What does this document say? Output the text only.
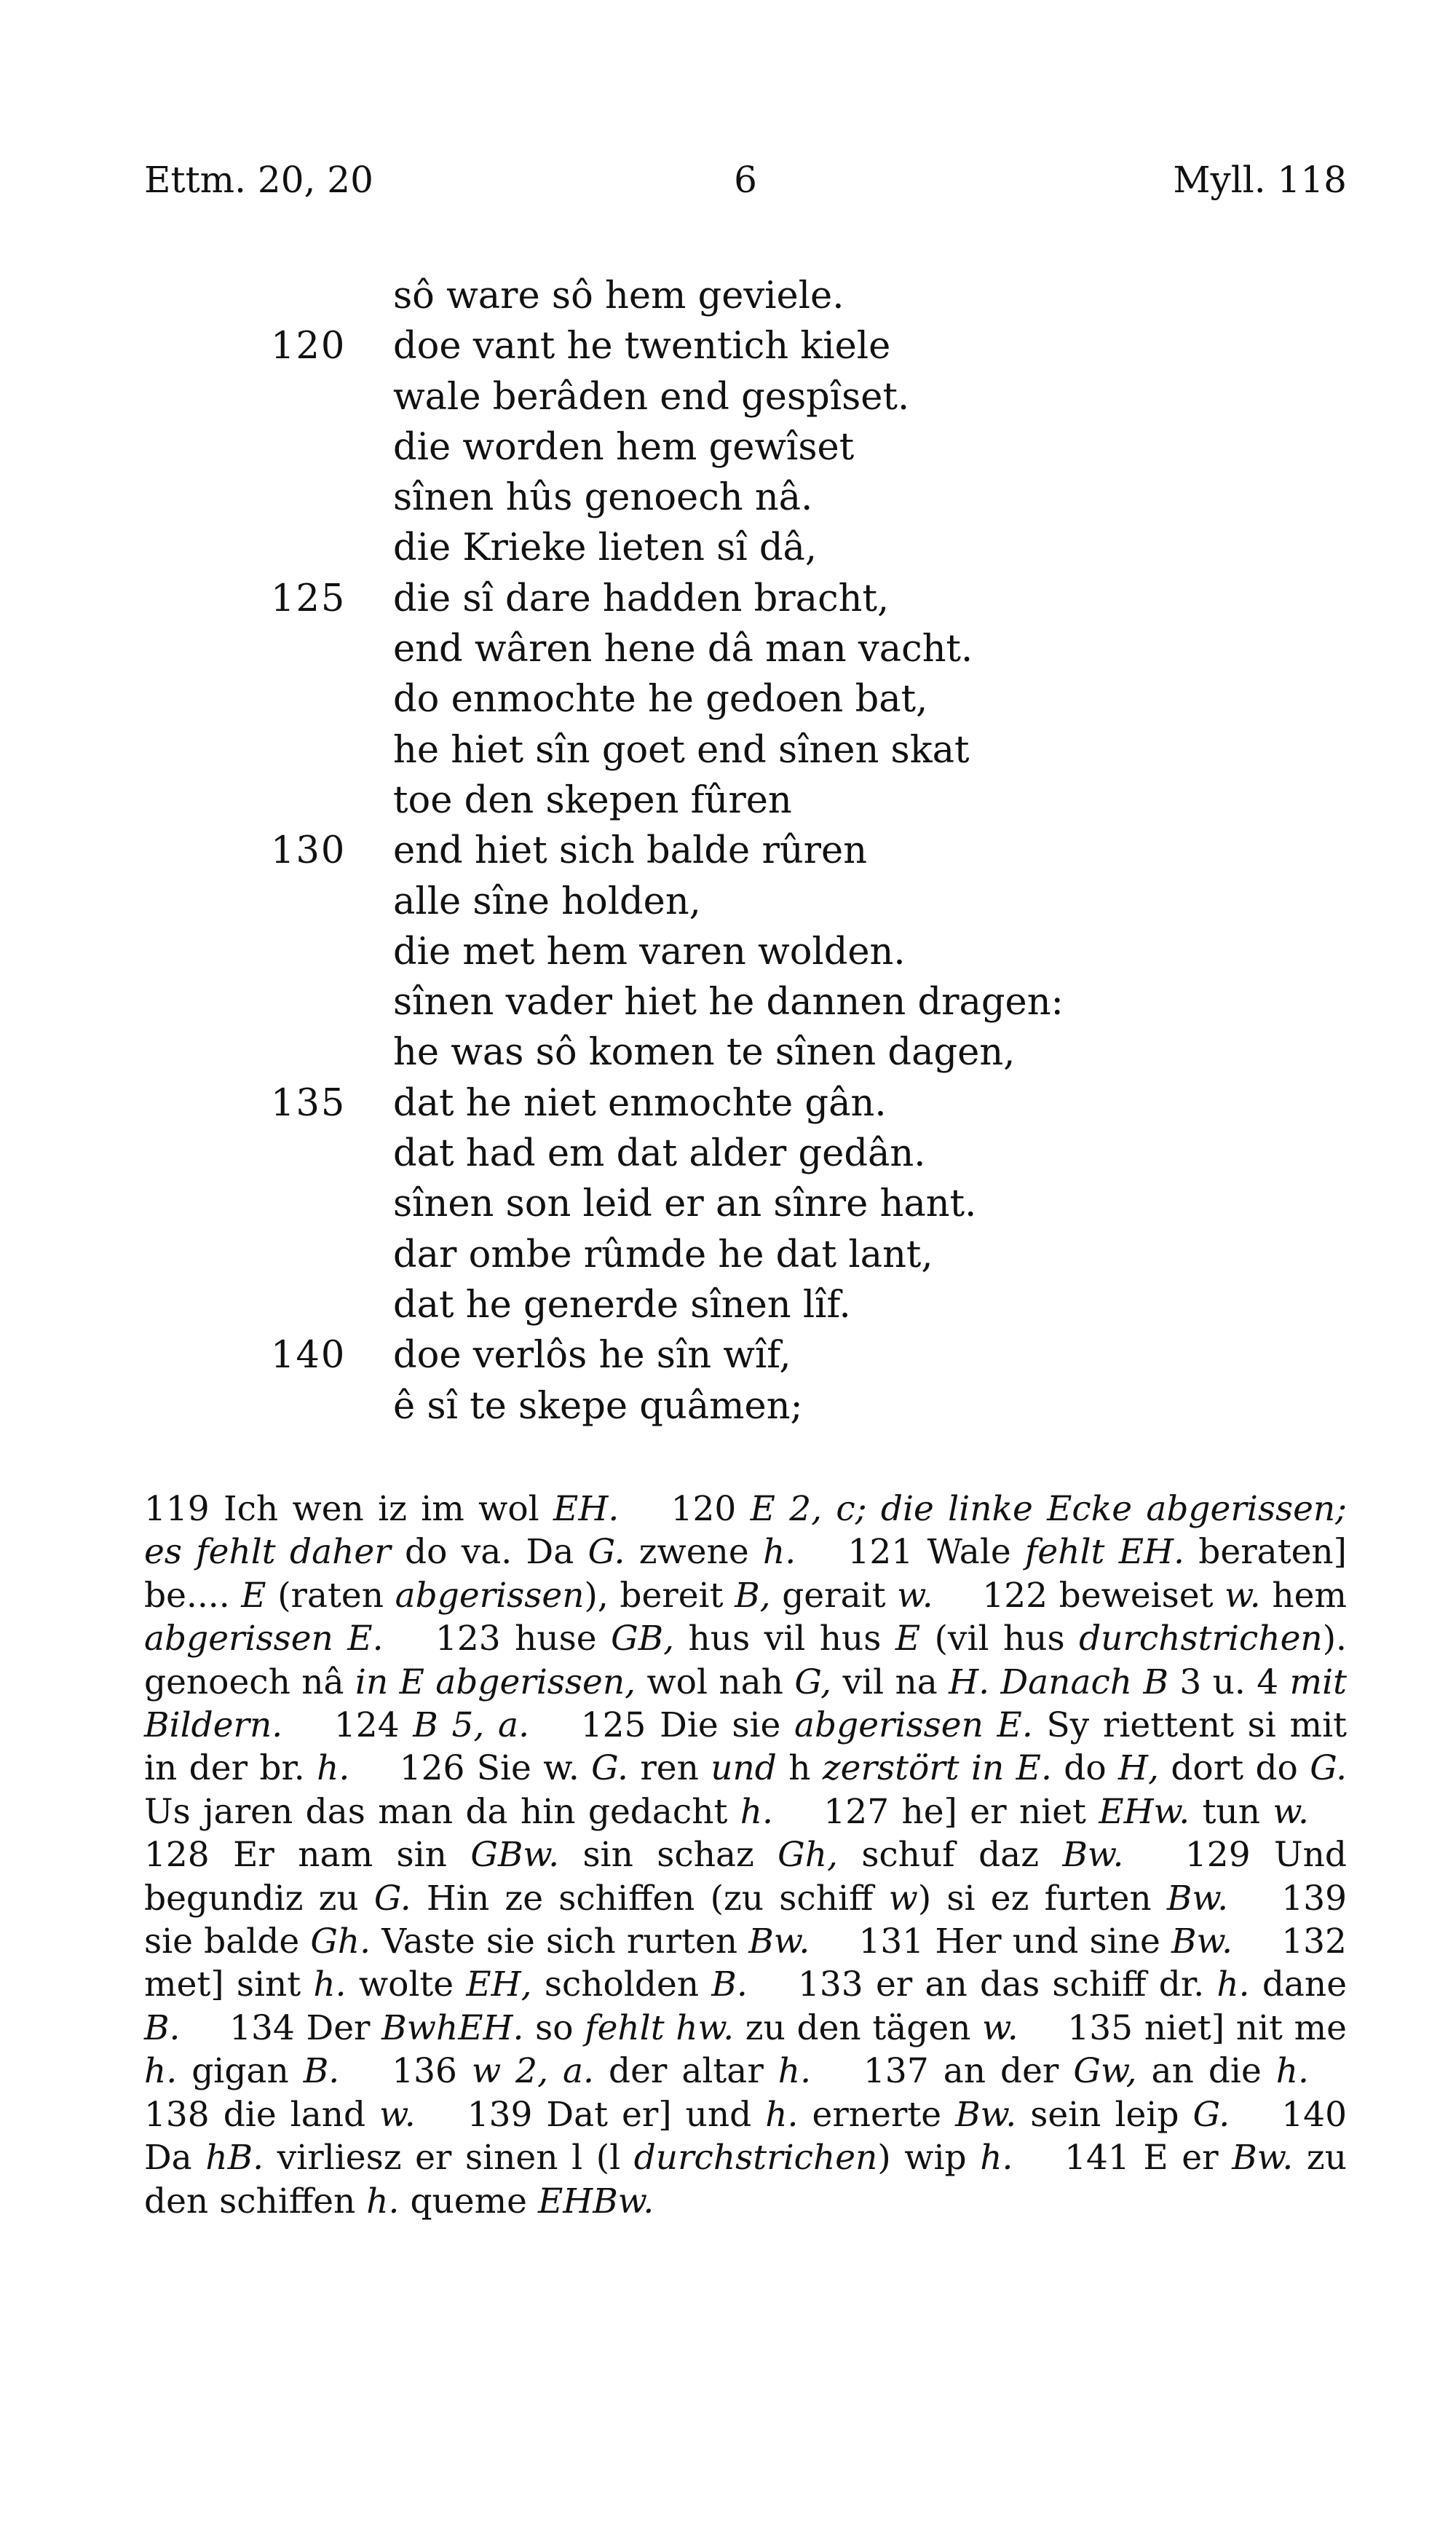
Ettm. 20, 20	6	Myll. 118
sô ware sô hem geviele.
120 doe vant he twentich kiele
wale berâden end gespîset.
die worden hem gewîset
sînen hûs genoech nâ.
die Krieke lieten sî dâ,
125 die sî dare hadden bracht,
end wâren hene dâ man vacht.
do enmochte he gedoen bat,
he hiet sîn goet end sînen skat
toe den skepen fûren
130 end hiet sich balde rûren
alle sîne holden,
die met hem varen wolden.
sînen vader hiet he dannen dragen:
he was sô komen te sînen dagen,
135 dat he niet enmochte gân.
dat had em dat alder gedân.
sînen son leid er an sînre hant.
dar ombe rûmde he dat lant,
dat he generde sînen lîf.
140 doe verlôs he sîn wîf,
ê sî te skepe quâmen;

119 Ich wen iz im wol EH. 120 E 2, c; die linke Ecke abgerissen; es fehlt daher do va. Da G. zwene h. 121 Wale fehlt EH. beraten] be.... E (raten abgerissen), bereit B, gerait w. 122 beweiset w. hem abgerissen E. 123 huse GB, hus vil hus E (vil hus durchstrichen). genoech nâ in E abgerissen, wol nah G, vil na H. Danach B 3 u. 4 mit Bildern. 124 B 5, a. 125 Die sie abgerissen E. Sy riettent si mit in der br. h. 126 Sie w. G. ren und h zerstört in E. do H, dort do G. Us jaren das man da hin gedacht h. 127 he] er niet EHw. tun w. 128 Er nam sin GBw. sin schaz Gh, schuf daz Bw. 129 Und begundiz zu G. Hin ze schiffen (zu schiff w) si ez furten Bw. 139 sie balde Gh. Vaste sie sich rurten Bw. 131 Her und sine Bw. 132 met] sint h. wolte EH, scholden B. 133 er an das schiff dr. h. dane B. 134 Der BwhEH. so fehlt hw. zu den tägen w. 135 niet] nit me h. gigan B. 136 w 2, a. der altar h. 137 an der Gw, an die h. 138 die land w. 139 Dat er] und h. ernerte Bw. sein leip G. 140 Da hB. virliesz er sinen l (l durchstrichen) wip h. 141 E er Bw. zu den schiffen h. queme EHBw.
